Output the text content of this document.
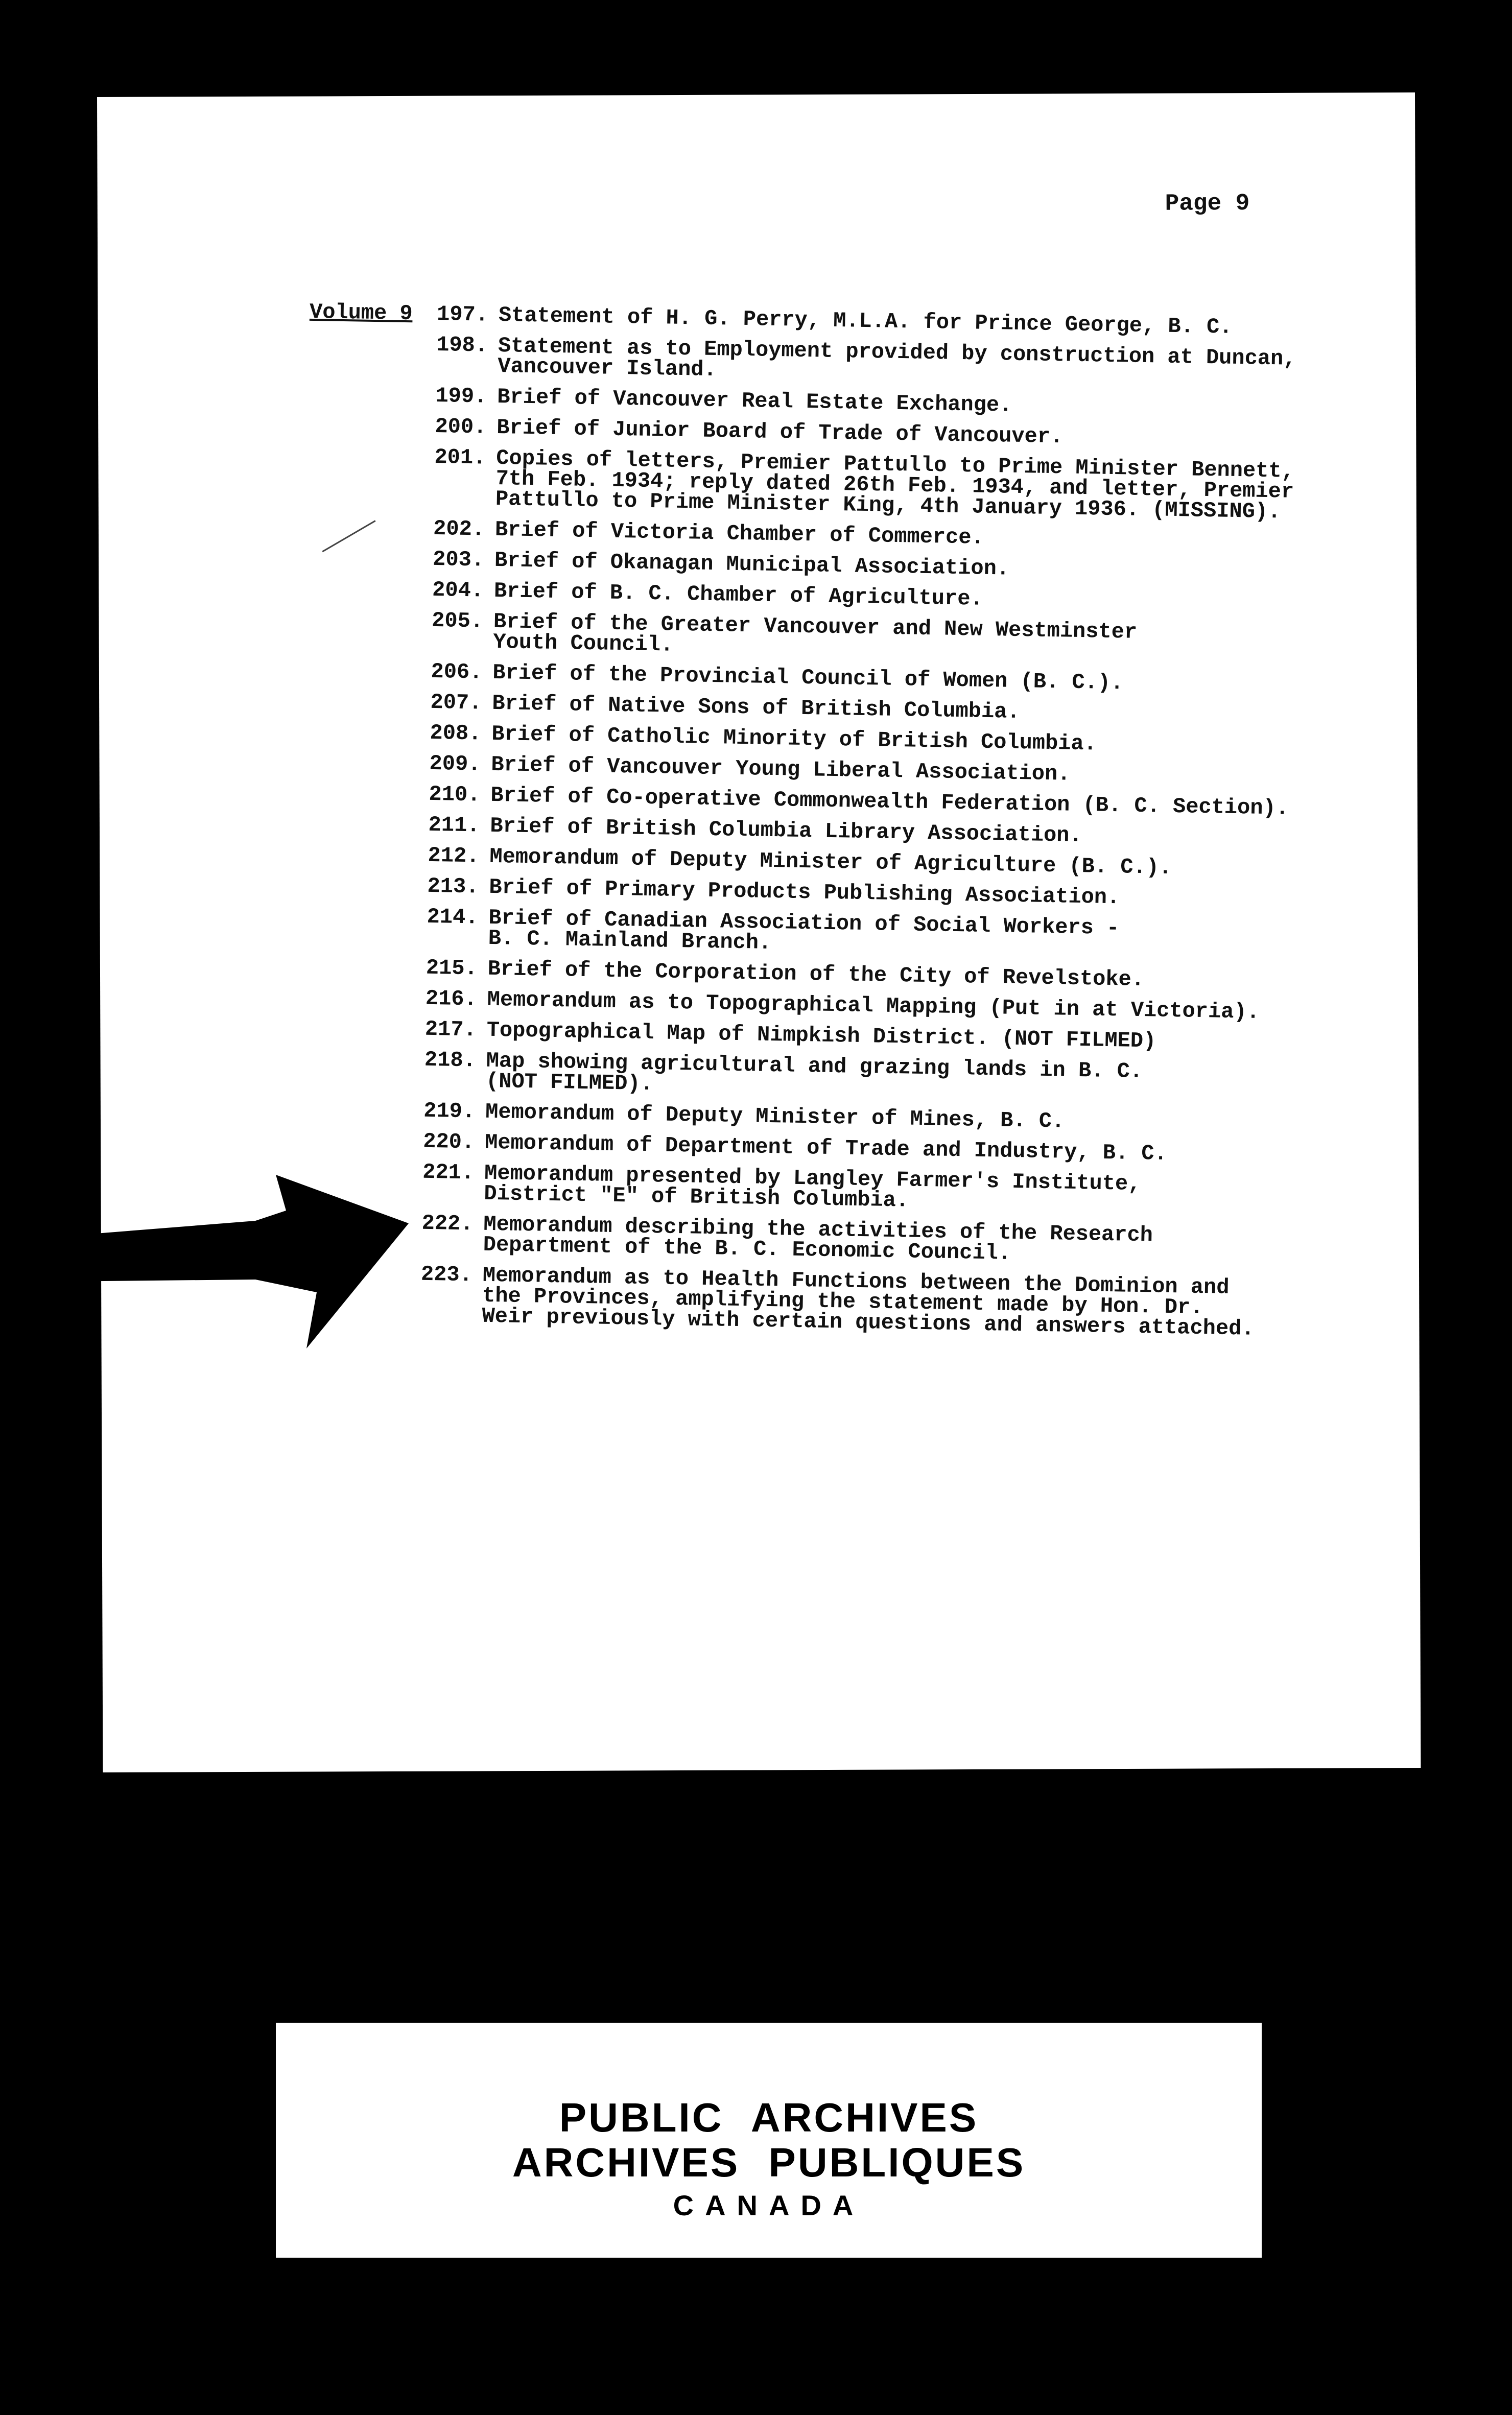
Page 9
Volume 9	197. Statement of H. G. Perry, M.L.A. for Prince George, B. C.
198. Statement as to Employment provided by construction at Duncan,
Vancouver Island.
199. Brief of Vancouver Real Estate Exchange.
200. Brief of Junior Board of Trade of Vancouver.
201. Copies of letters, Premier Pattullo to Prime Minister Bennett,
7th Feb. 1934; reply dated 26th Feb. 1934, and letter, Premier
Pattullo to Prime Minister King, 4th January 1936. (MISSING).
202. Brief of Victoria Chamber of Commerce.
203. Brief of Okanagan Municipal Association.
204. Brief of B. C. Chamber of Agriculture.
205. Brief of the Greater Vancouver and New Westminster
Youth Council.
206. Brief of the Provincial Council of Women (B. C.).
207. Brief of Native Sons of British Columbia.
208. Brief of Catholic Minority of British Columbia.
209. Brief of Vancouver Young Liberal Association.
210. Brief of Co-operative Commonwealth Federation (B. C. Section).
211. Brief of British Columbia Library Association.
212. Memorandum of Deputy Minister of Agriculture (B. C.).
213. Brief of Primary Products Publishing Association.
214. Brief of Canadian Association of Social Workers -
B. C. Mainland Branch.
215. Brief of the Corporation of the City of Revelstoke.
216. Memorandum as to Topographical Mapping (Put in at Victoria).
217. Topographical Map of Nimpkish District. (NOT FILMED)
218. Map showing agricultural and grazing lands in B. C.
(NOT FILMED).
219. Memorandum of Deputy Minister of Mines, B. C.
220. Memorandum of Department of Trade and Industry, B. C.
221. Memorandum presented by Langley Farmer's Institute,
District "E" of British Columbia.
222. Memorandum describing the activities of the Research
Department of the B. C. Economic Council.
223. Memorandum as to Health Functions between the Dominion and
the Provinces, amplifying the statement made by Hon. Dr.
Weir previously with certain questions and answers attached.
PUBLIC ARCHIVES
ARCHIVES PUBLIQUES
CANADA
